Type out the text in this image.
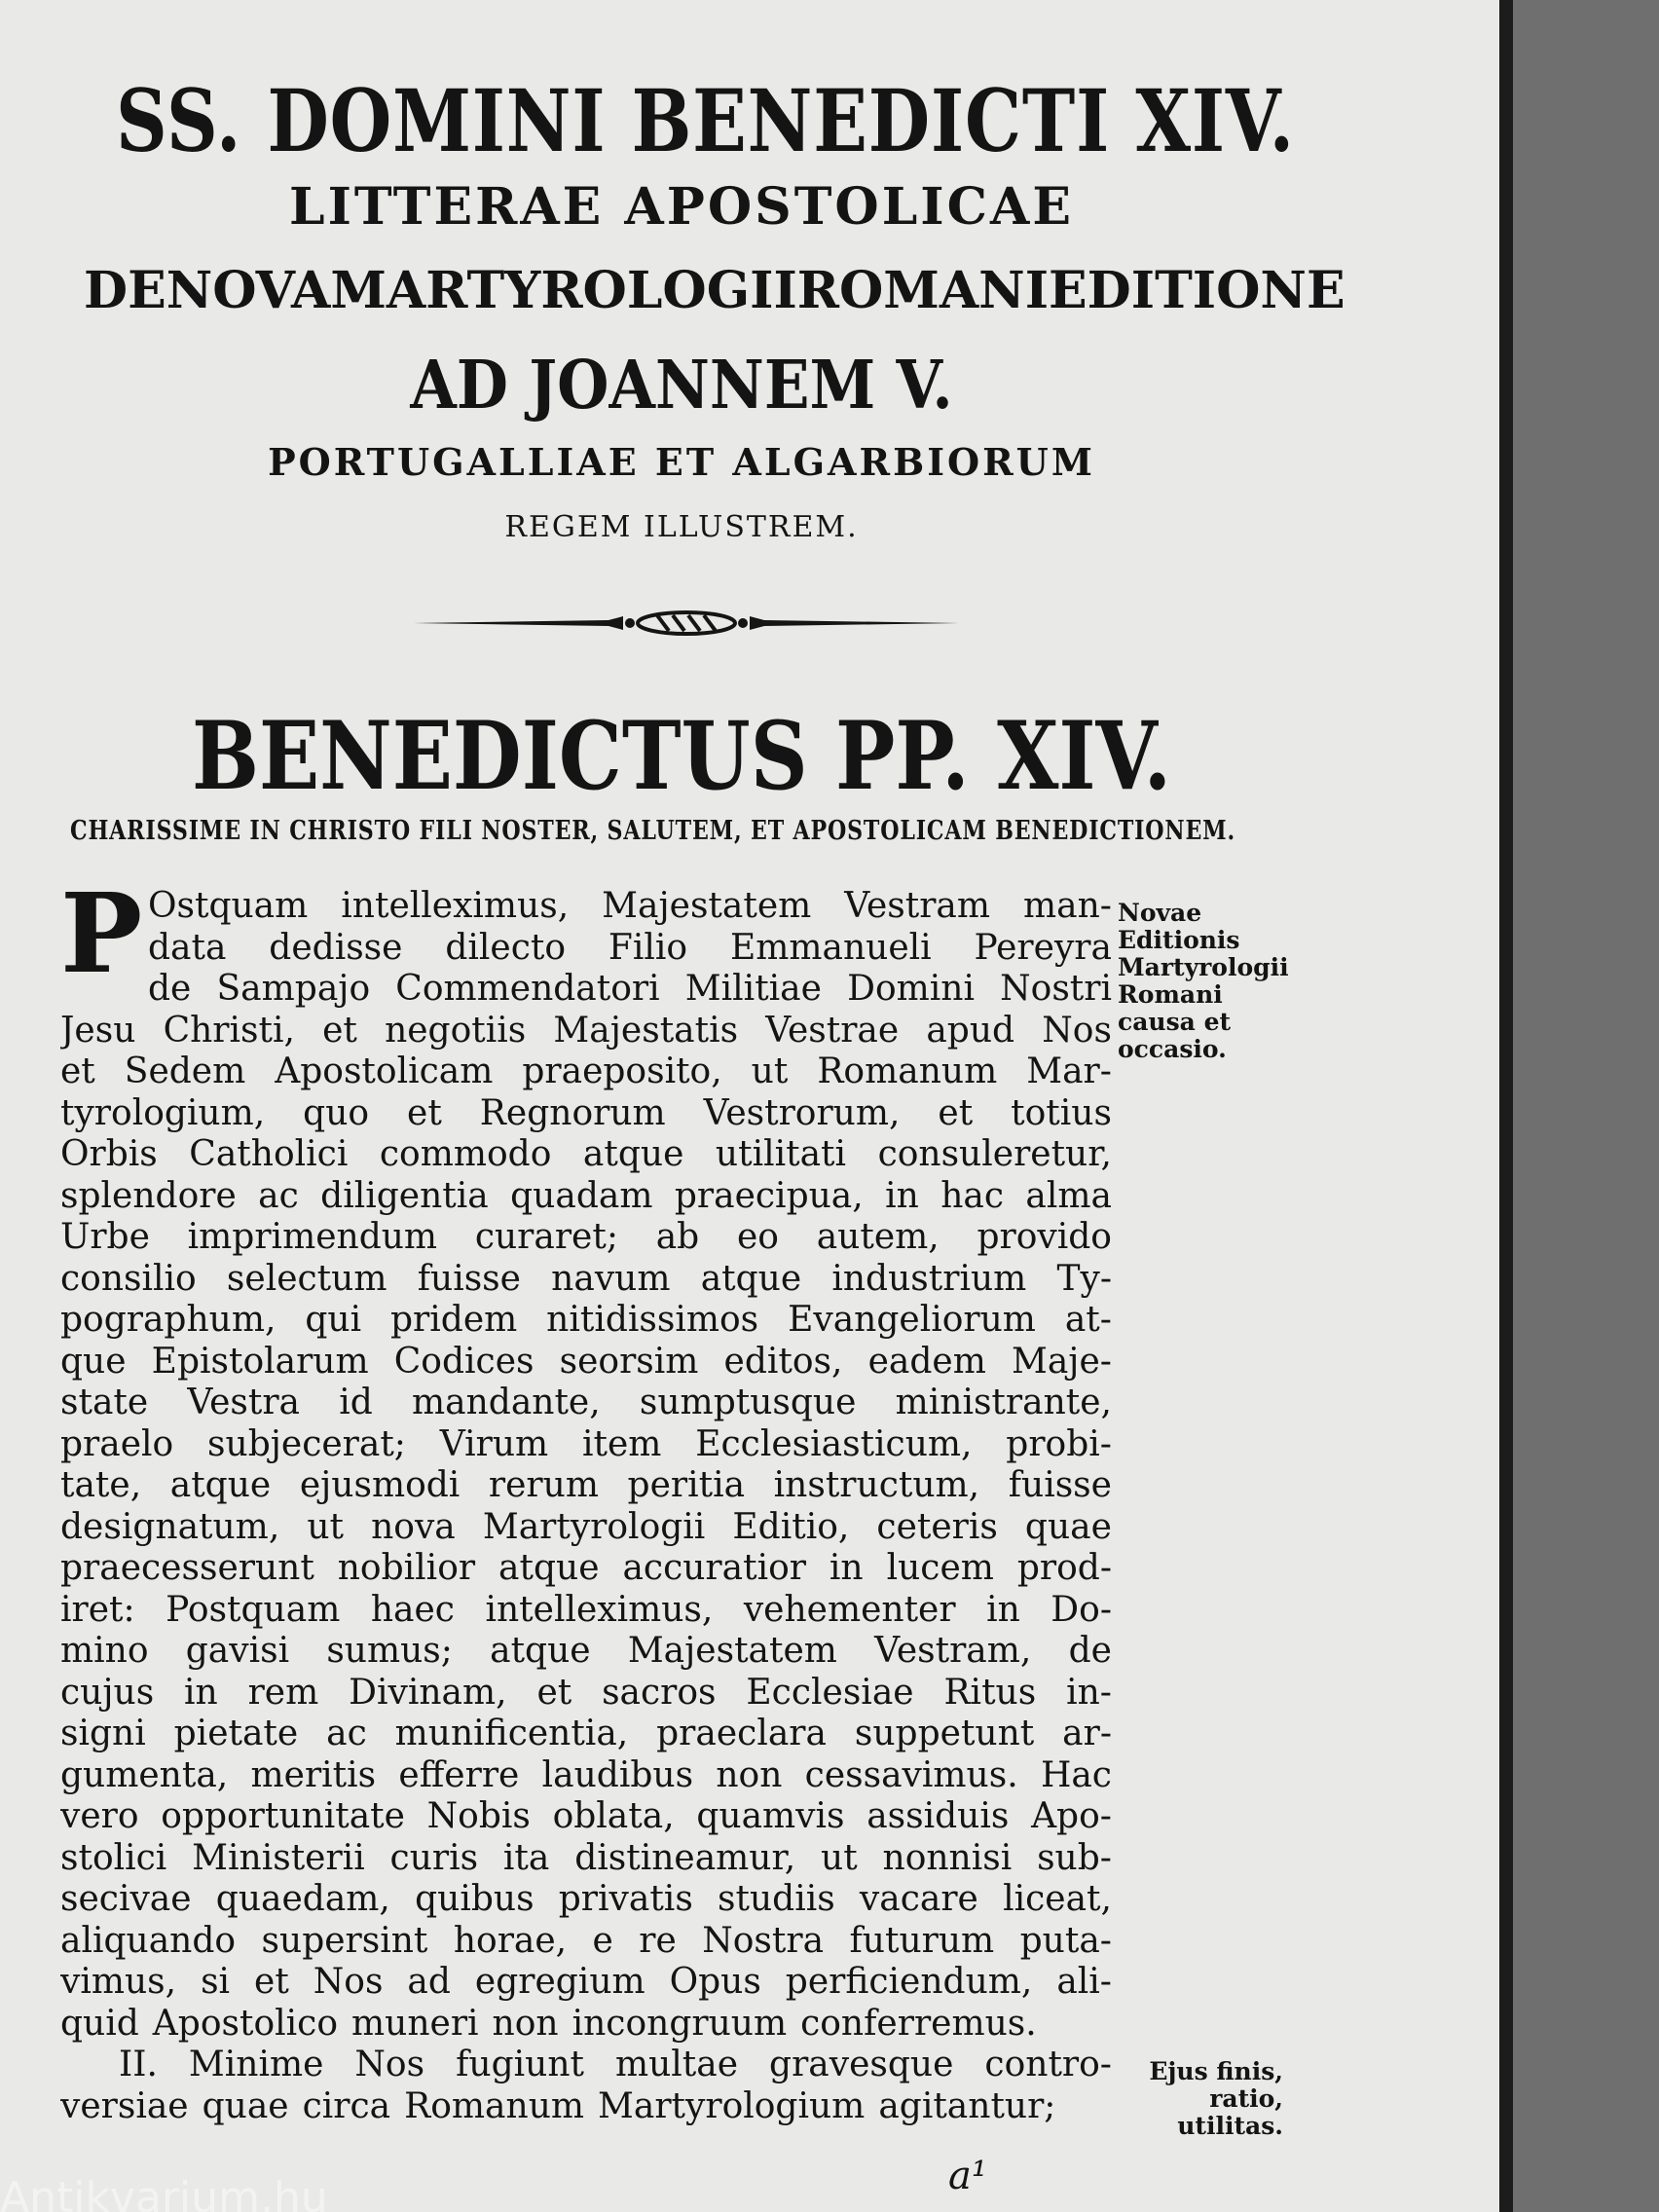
SS. DOMINI BENEDICTI XIV.
LITTERAE APOSTOLICAE
DE NOVA MARTYROLOGII ROMANI EDITIONE
AD JOANNEM V.
PORTUGALLIAE ET ALGARBIORUM
REGEM ILLUSTREM.
BENEDICTUS PP. XIV.
CHARISSIME IN CHRISTO FILI NOSTER, SALUTEM, ET APOSTOLICAM BENEDICTIONEM.
P Ostquam intelleximus, Majestatem Vestram man-
data dedisse dilecto Filio Emmanueli Pereyra
de Sampajo Commendatori Militiae Domini Nostri
Jesu Christi, et negotiis Majestatis Vestrae apud Nos
et Sedem Apostolicam praeposito, ut Romanum Mar-
tyrologium, quo et Regnorum Vestrorum, et totius
Orbis Catholici commodo atque utilitati consuleretur,
splendore ac diligentia quadam praecipua, in hac alma
Urbe imprimendum curaret; ab eo autem, provido
consilio selectum fuisse navum atque industrium Ty-
pographum, qui pridem nitidissimos Evangeliorum at-
que Epistolarum Codices seorsim editos, eadem Maje-
state Vestra id mandante, sumptusque ministrante,
praelo subjecerat; Virum item Ecclesiasticum, probi-
tate, atque ejusmodi rerum peritia instructum, fuisse
designatum, ut nova Martyrologii Editio, ceteris quae
praecesserunt nobilior atque accuratior in lucem prod-
iret: Postquam haec intelleximus, vehementer in Do-
mino gavisi sumus; atque Majestatem Vestram, de
cujus in rem Divinam, et sacros Ecclesiae Ritus in-
signi pietate ac munificentia, praeclara suppetunt ar-
gumenta, meritis efferre laudibus non cessavimus. Hac
vero opportunitate Nobis oblata, quamvis assiduis Apo-
stolici Ministerii curis ita distineamur, ut nonnisi sub-
secivae quaedam, quibus privatis studiis vacare liceat,
aliquando supersint horae, e re Nostra futurum puta-
vimus, si et Nos ad egregium Opus perficiendum, ali-
quid Apostolico muneri non incongruum conferremus.
II. Minime Nos fugiunt multae gravesque contro-
versiae quae circa Romanum Martyrologium agitantur;
Novae Editionis Martyrologii Romani causa et occasio.
Ejus finis, ratio, utilitas.
a¹
Antikvarium.hu
